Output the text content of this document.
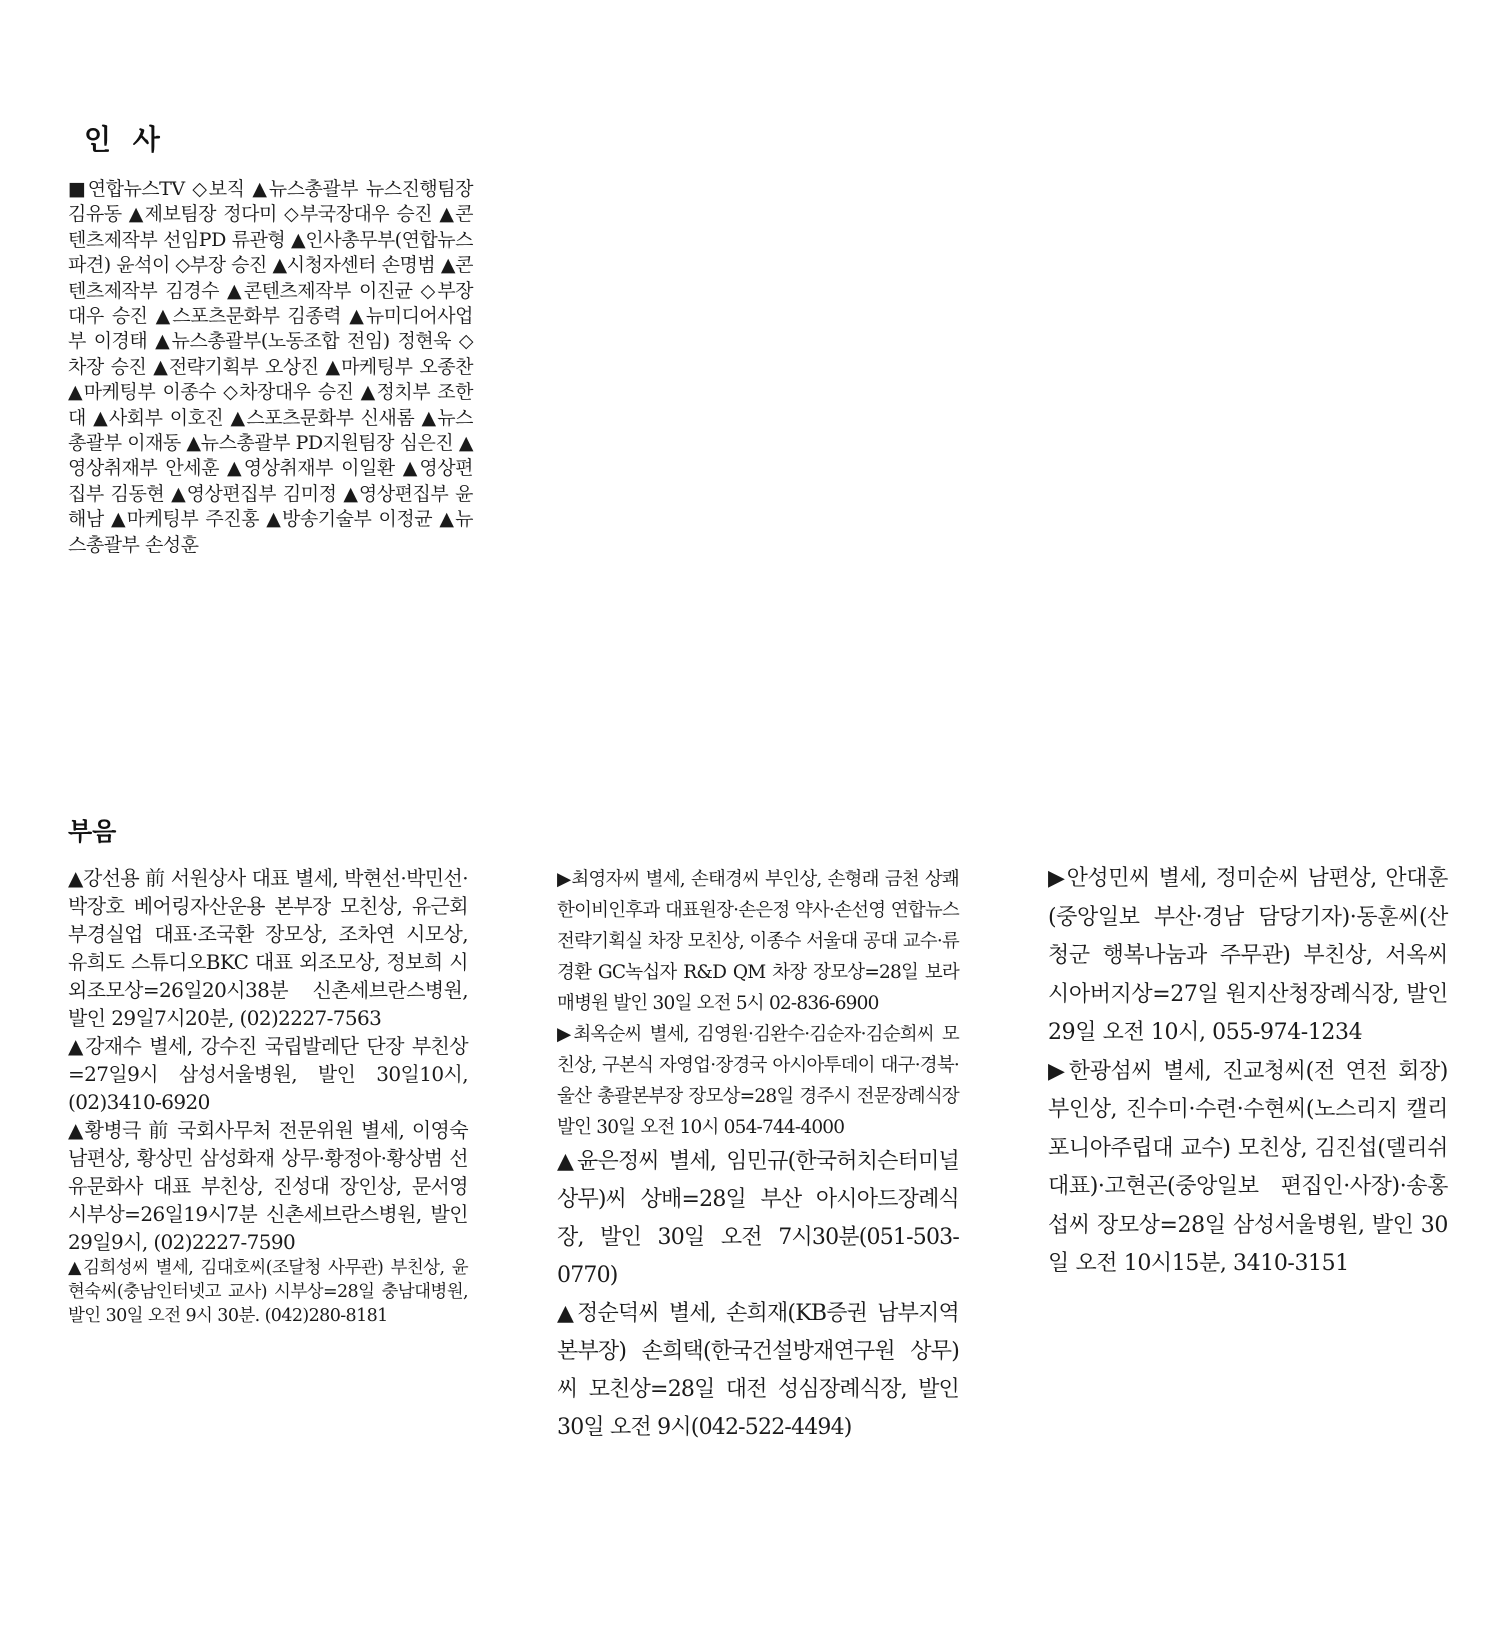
인 사
■연합뉴스TV ◇보직 ▲뉴스총괄부 뉴스진행팀장 김유동 ▲제보팀장 정다미 ◇부국장대우 승진 ▲콘텐츠제작부 선임PD 류관형 ▲인사총무부(연합뉴스 파견) 윤석이 ◇부장 승진 ▲시청자센터 손명범 ▲콘텐츠제작부 김경수 ▲콘텐츠제작부 이진균 ◇부장대우 승진 ▲스포츠문화부 김종력 ▲뉴미디어사업부 이경태 ▲뉴스총괄부(노동조합 전임) 정현욱 ◇차장 승진 ▲전략기획부 오상진 ▲마케팅부 오종찬 ▲마케팅부 이종수 ◇차장대우 승진 ▲정치부 조한대 ▲사회부 이호진 ▲스포츠문화부 신새롬 ▲뉴스총괄부 이재동 ▲뉴스총괄부 PD지원팀장 심은진 ▲영상취재부 안세훈 ▲영상취재부 이일환 ▲영상편집부 김동현 ▲영상편집부 김미정 ▲영상편집부 윤해남 ▲마케팅부 주진홍 ▲방송기술부 이정균 ▲뉴스총괄부 손성훈
부음

▲강선용 前 서원상사 대표 별세, 박현선·박민선·박장호 베어링자산운용 본부장 모친상, 유근회 부경실업 대표·조국환 장모상, 조차연 시모상, 유희도 스튜디오BKC 대표 외조모상, 정보희 시외조모상=26일20시38분 신촌세브란스병원, 발인 29일7시20분, (02)2227-7563

▲강재수 별세, 강수진 국립발레단 단장 부친상=27일9시 삼성서울병원, 발인 30일10시, (02)3410-6920

▲황병극 前 국회사무처 전문위원 별세, 이영숙 남편상, 황상민 삼성화재 상무·황정아·황상범 선유문화사 대표 부친상, 진성대 장인상, 문서영 시부상=26일19시7분 신촌세브란스병원, 발인 29일9시, (02)2227-7590

▲김희성씨 별세, 김대호씨(조달청 사무관) 부친상, 윤현숙씨(충남인터넷고 교사) 시부상=28일 충남대병원, 발인 30일 오전 9시 30분. (042)280-8181

▶최영자씨 별세, 손태경씨 부인상, 손형래 금천 상쾌한이비인후과 대표원장·손은정 약사·손선영 연합뉴스 전략기획실 차장 모친상, 이종수 서울대 공대 교수·류경환 GC녹십자 R&D QM 차장 장모상=28일 보라매병원 발인 30일 오전 5시 02-836-6900

▶최옥순씨 별세, 김영원·김완수·김순자·김순희씨 모친상, 구본식 자영업·장경국 아시아투데이 대구·경북·울산 총괄본부장 장모상=28일 경주시 전문장례식장 발인 30일 오전 10시 054-744-4000

▲윤은정씨 별세, 임민규(한국허치슨터미널 상무)씨 상배=28일 부산 아시아드장례식장, 발인 30일 오전 7시30분(051-503-0770)

▲정순덕씨 별세, 손희재(KB증권 남부지역 본부장) 손희택(한국건설방재연구원 상무)씨 모친상=28일 대전 성심장례식장, 발인 30일 오전 9시(042-522-4494)

▶안성민씨 별세, 정미순씨 남편상, 안대훈(중앙일보 부산·경남 담당기자)·동훈씨(산청군 행복나눔과 주무관) 부친상, 서옥씨 시아버지상=27일 원지산청장례식장, 발인 29일 오전 10시, 055-974-1234

▶한광섬씨 별세, 진교청씨(전 연전 회장) 부인상, 진수미·수련·수현씨(노스리지 캘리포니아주립대 교수) 모친상, 김진섭(델리쉬 대표)·고현곤(중앙일보 편집인·사장)·송홍섭씨 장모상=28일 삼성서울병원, 발인 30일 오전 10시15분, 3410-3151
